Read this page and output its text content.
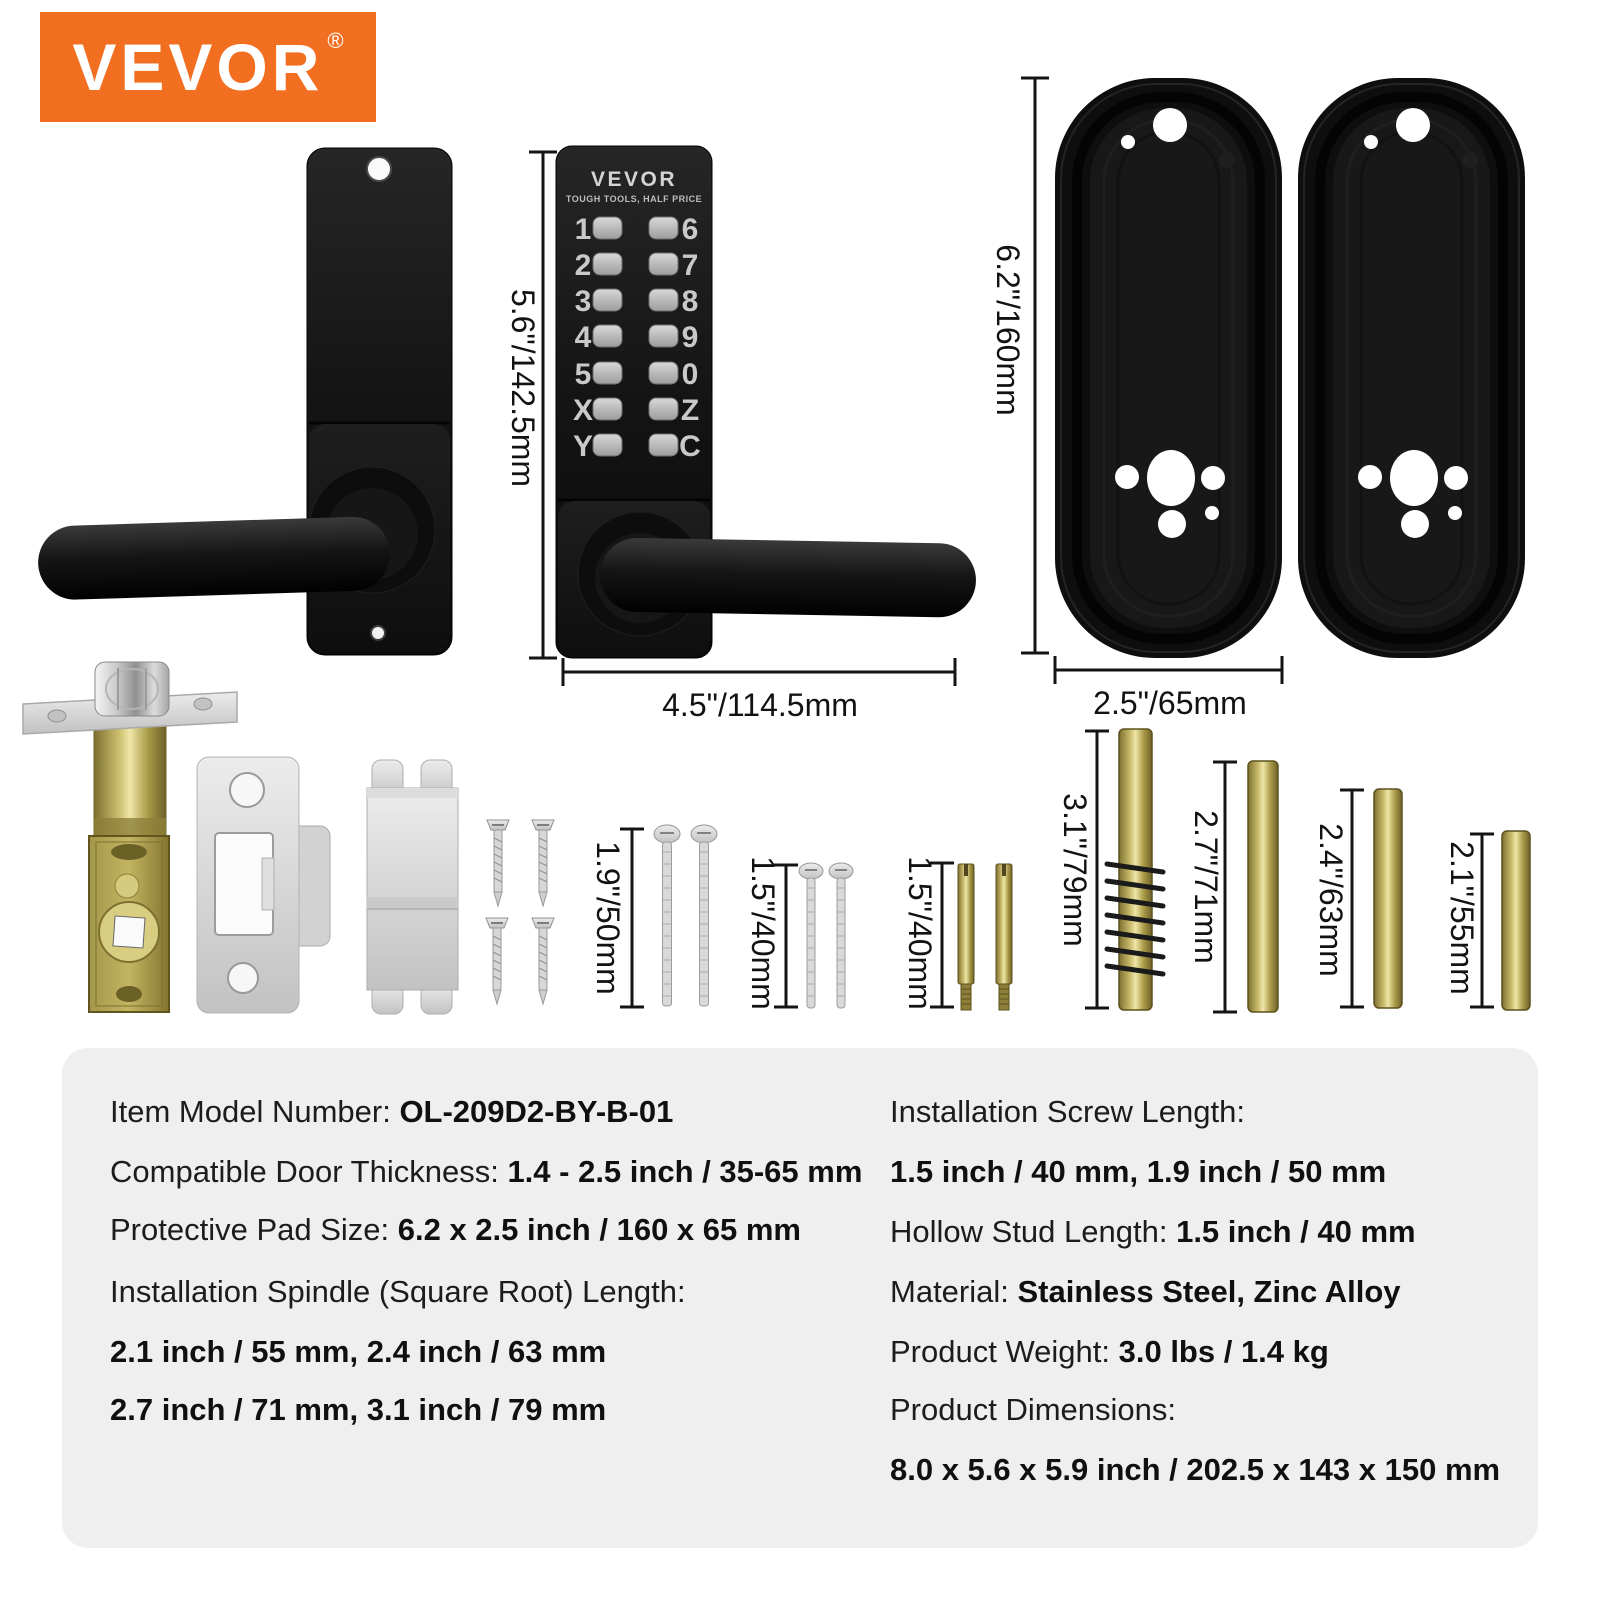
VEVOR
TOUGH TOOLS, HALF PRICE
1	6
2	7
3	8
4	9
5	0
X	Z
Y	C
5.6"/142.5mm
4.5"/114.5mm
6.2"/160mm
2.5"/65mm
1.9"/50mm	1.5"/40mm	1.5"/40mm	3.1"/79mm	2.7"/71mm	2.4"/63mm	2.1"/55mm
VEVOR ®
Item Model Number: OL-209D2-BY-B-01
Compatible Door Thickness: 1.4 - 2.5 inch / 35-65 mm
Protective Pad Size: 6.2 x 2.5 inch / 160 x 65 mm
Installation Spindle (Square Root) Length:
2.1 inch / 55 mm, 2.4 inch / 63 mm
2.7 inch / 71 mm, 3.1 inch / 79 mm
Installation Screw Length:
1.5 inch / 40 mm, 1.9 inch / 50 mm
Hollow Stud Length: 1.5 inch / 40 mm
Material: Stainless Steel, Zinc Alloy
Product Weight: 3.0 lbs / 1.4 kg
Product Dimensions:
8.0 x 5.6 x 5.9 inch / 202.5 x 143 x 150 mm
